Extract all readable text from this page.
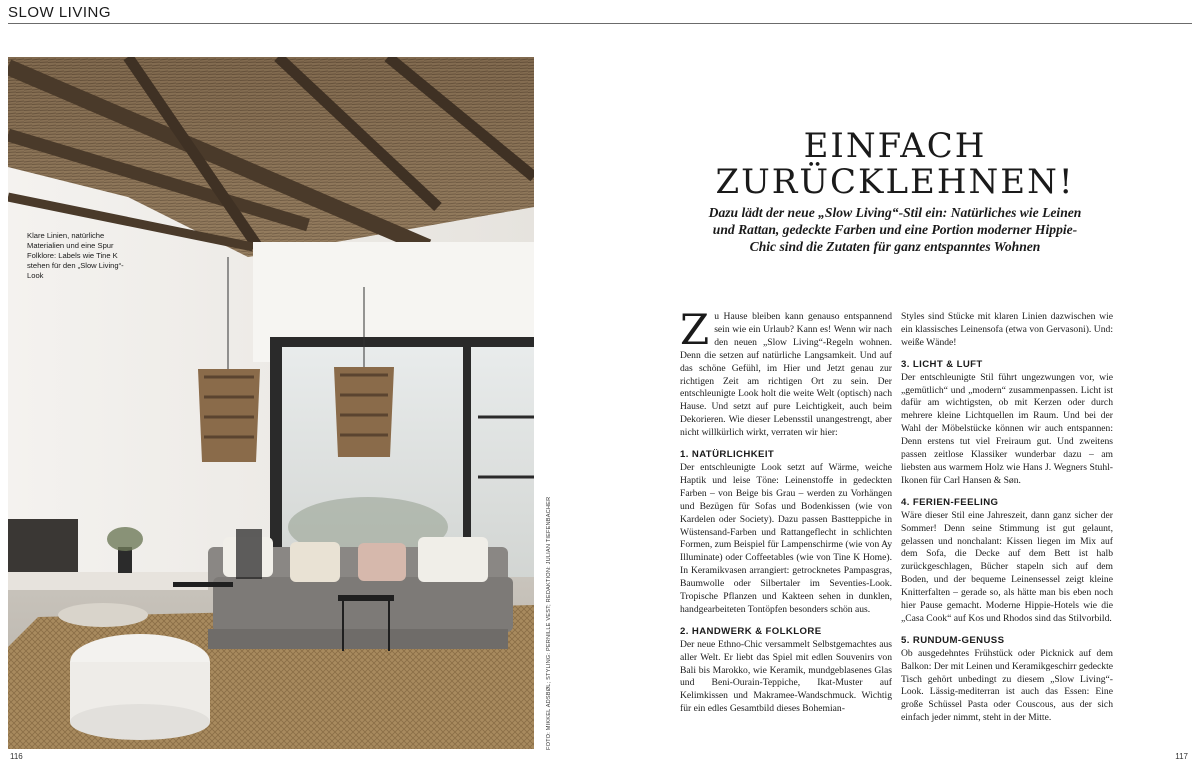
SLOW LIVING
Klare Linien, natürliche Materialien und eine Spur Folklore: Labels wie Tine K stehen für den „Slow Living“-Look
FOTO: MIKKEL ADSBØL; STYLING: PERNILLE VEST; REDAKTION: JULIAN TIEFENBACHER
116	117
EINFACH
ZURÜCKLEHNEN!

Dazu lädt der neue „Slow Living“-Stil ein: Natürliches wie Leinen und Rattan, gedeckte Farben und eine Portion moderner Hippie-Chic sind die Zutaten für ganz entspanntes Wohnen

Zu Hause bleiben kann genauso entspannend sein wie ein Urlaub? Kann es! Wenn wir nach den neuen „Slow Living“-Regeln wohnen. Denn die setzen auf natürliche Langsamkeit. Und auf das schöne Gefühl, im Hier und Jetzt genau zur richtigen Zeit am richtigen Ort zu sein. Der entschleunigte Look holt die weite Welt (optisch) nach Hause. Und setzt auf pure Leichtigkeit, auch beim Dekorieren. Wie dieser Lebensstil unangestrengt, aber nicht willkürlich wirkt, verraten wir hier:

1. NATÜRLICHKEIT

Der entschleunigte Look setzt auf Wärme, weiche Haptik und leise Töne: Leinenstoffe in gedeckten Farben – von Beige bis Grau – werden zu Vorhängen und Bezügen für Sofas und Bodenkissen (wie von Kardelen oder Society). Dazu passen Bastteppiche in Wüstensand-Farben und Rattangeflecht in schlichten Formen, zum Beispiel für Lampenschirme (wie von Ay Illuminate) oder Coffeetables (wie von Tine K Home). In Keramikvasen arrangiert: getrocknetes Pampasgras, Baumwolle oder Silbertaler im Seventies-Look. Tropische Pflanzen und Kakteen sehen in dunklen, handgearbeiteten Tontöpfen besonders schön aus.

2. HANDWERK & FOLKLORE

Der neue Ethno-Chic versammelt Selbstgemachtes aus aller Welt. Er liebt das Spiel mit edlen Souvenirs von Bali bis Marokko, wie Keramik, mundgeblasenes Glas und Beni-Ourain-Teppiche, Ikat-Muster auf Kelimkissen und Makramee-Wandschmuck. Wichtig für ein edles Gesamtbild dieses Bohemian-

Styles sind Stücke mit klaren Linien dazwischen wie ein klassisches Leinensofa (etwa von Gervasoni). Und: weiße Wände!

3. LICHT & LUFT

Der entschleunigte Stil führt ungezwungen vor, wie „gemütlich“ und „modern“ zusammenpassen. Licht ist dafür am wichtigsten, ob mit Kerzen oder durch mehrere kleine Lichtquellen im Raum. Und bei der Wahl der Möbelstücke können wir auch entspannen: Denn erstens tut viel Freiraum gut. Und zweitens passen zeitlose Klassiker wunderbar dazu – am liebsten aus warmem Holz wie Hans J. Wegners Stuhl-Ikonen für Carl Hansen & Søn.

4. FERIEN-FEELING

Wäre dieser Stil eine Jahreszeit, dann ganz sicher der Sommer! Denn seine Stimmung ist gut gelaunt, gelassen und nonchalant: Kissen liegen im Mix auf dem Sofa, die Decke auf dem Bett ist halb zurückgeschlagen, Bücher stapeln sich auf dem Boden, und der bequeme Leinensessel zeigt kleine Knitterfalten – gerade so, als hätte man bis eben noch hier Pause gemacht. Moderne Hippie-Hotels wie die „Casa Cook“ auf Kos und Rhodos sind das Stilvorbild.

5. RUNDUM-GENUSS

Ob ausgedehntes Frühstück oder Picknick auf dem Balkon: Der mit Leinen und Keramikgeschirr gedeckte Tisch gehört unbedingt zu diesem „Slow Living“-Look. Lässig-mediterran ist auch das Essen: Eine große Schüssel Pasta oder Couscous, aus der sich einfach jeder nimmt, steht in der Mitte.
